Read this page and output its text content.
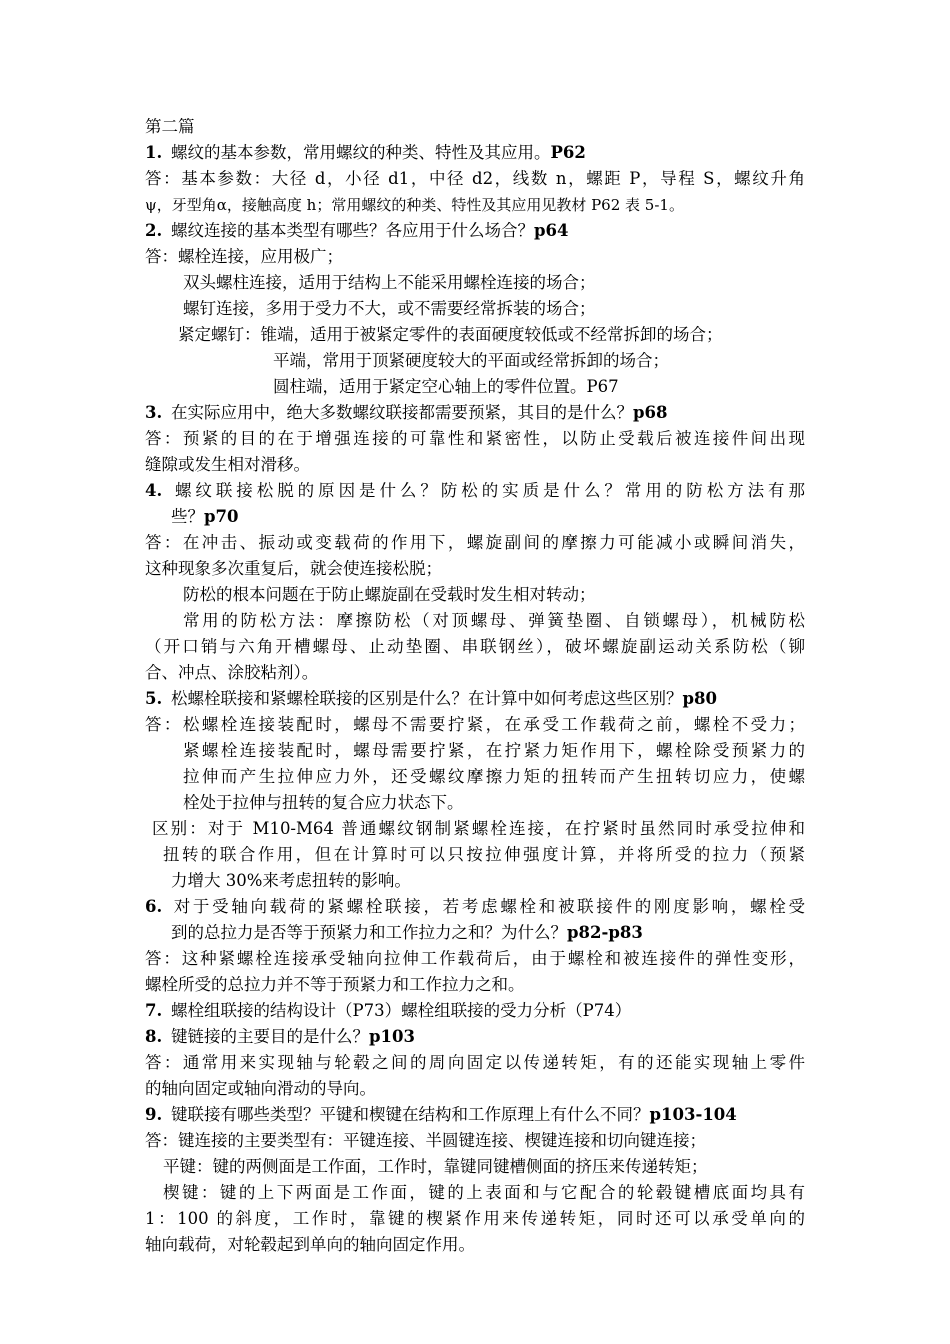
第二篇
1. 螺纹的基本参数，常用螺纹的种类、特性及其应用。P62
答：基本参数：大径 d，小径 d1，中径 d2，线数 n，螺距 P，导程 S，螺纹升角
ψ，牙型角α，接触高度 h；常用螺纹的种类、特性及其应用见教材 P62 表 5-1。
2. 螺纹连接的基本类型有哪些？各应用于什么场合？p64
答：螺栓连接，应用极广；
双头螺柱连接，适用于结构上不能采用螺栓连接的场合；
螺钉连接，多用于受力不大，或不需要经常拆装的场合；
紧定螺钉：锥端，适用于被紧定零件的表面硬度较低或不经常拆卸的场合；
平端，常用于顶紧硬度较大的平面或经常拆卸的场合；
圆柱端，适用于紧定空心轴上的零件位置。P67
3. 在实际应用中，绝大多数螺纹联接都需要预紧，其目的是什么？p68
答：预紧的目的在于增强连接的可靠性和紧密性，以防止受载后被连接件间出现
缝隙或发生相对滑移。
4. 螺纹联接松脱的原因是什么？防松的实质是什么？常用的防松方法有那
些？p70
答：在冲击、振动或变载荷的作用下，螺旋副间的摩擦力可能减小或瞬间消失，
这种现象多次重复后，就会使连接松脱；
防松的根本问题在于防止螺旋副在受载时发生相对转动；
常用的防松方法：摩擦防松（对顶螺母、弹簧垫圈、自锁螺母），机械防松
（开口销与六角开槽螺母、止动垫圈、串联钢丝），破坏螺旋副运动关系防松（铆
合、冲点、涂胶粘剂）。
5. 松螺栓联接和紧螺栓联接的区别是什么？在计算中如何考虑这些区别？p80
答：松螺栓连接装配时，螺母不需要拧紧，在承受工作载荷之前，螺栓不受力；
紧螺栓连接装配时，螺母需要拧紧，在拧紧力矩作用下，螺栓除受预紧力的
拉伸而产生拉伸应力外，还受螺纹摩擦力矩的扭转而产生扭转切应力，使螺
栓处于拉伸与扭转的复合应力状态下。
区别：对于 M10-M64 普通螺纹钢制紧螺栓连接，在拧紧时虽然同时承受拉伸和
扭转的联合作用，但在计算时可以只按拉伸强度计算，并将所受的拉力（预紧
力增大 30%来考虑扭转的影响。
6. 对于受轴向载荷的紧螺栓联接，若考虑螺栓和被联接件的刚度影响，螺栓受
到的总拉力是否等于预紧力和工作拉力之和？为什么？p82-p83
答：这种紧螺栓连接承受轴向拉伸工作载荷后，由于螺栓和被连接件的弹性变形，
螺栓所受的总拉力并不等于预紧力和工作拉力之和。
7. 螺栓组联接的结构设计（P73）螺栓组联接的受力分析（P74）
8. 键链接的主要目的是什么？p103
答：通常用来实现轴与轮毂之间的周向固定以传递转矩，有的还能实现轴上零件
的轴向固定或轴向滑动的导向。
9. 键联接有哪些类型？平键和楔键在结构和工作原理上有什么不同？p103-104
答：键连接的主要类型有：平键连接、半圆键连接、楔键连接和切向键连接；
平键：键的两侧面是工作面，工作时，靠键同键槽侧面的挤压来传递转矩；
楔键：键的上下两面是工作面，键的上表面和与它配合的轮毂键槽底面均具有
1：100 的斜度，工作时，靠键的楔紧作用来传递转矩，同时还可以承受单向的
轴向载荷，对轮毂起到单向的轴向固定作用。
